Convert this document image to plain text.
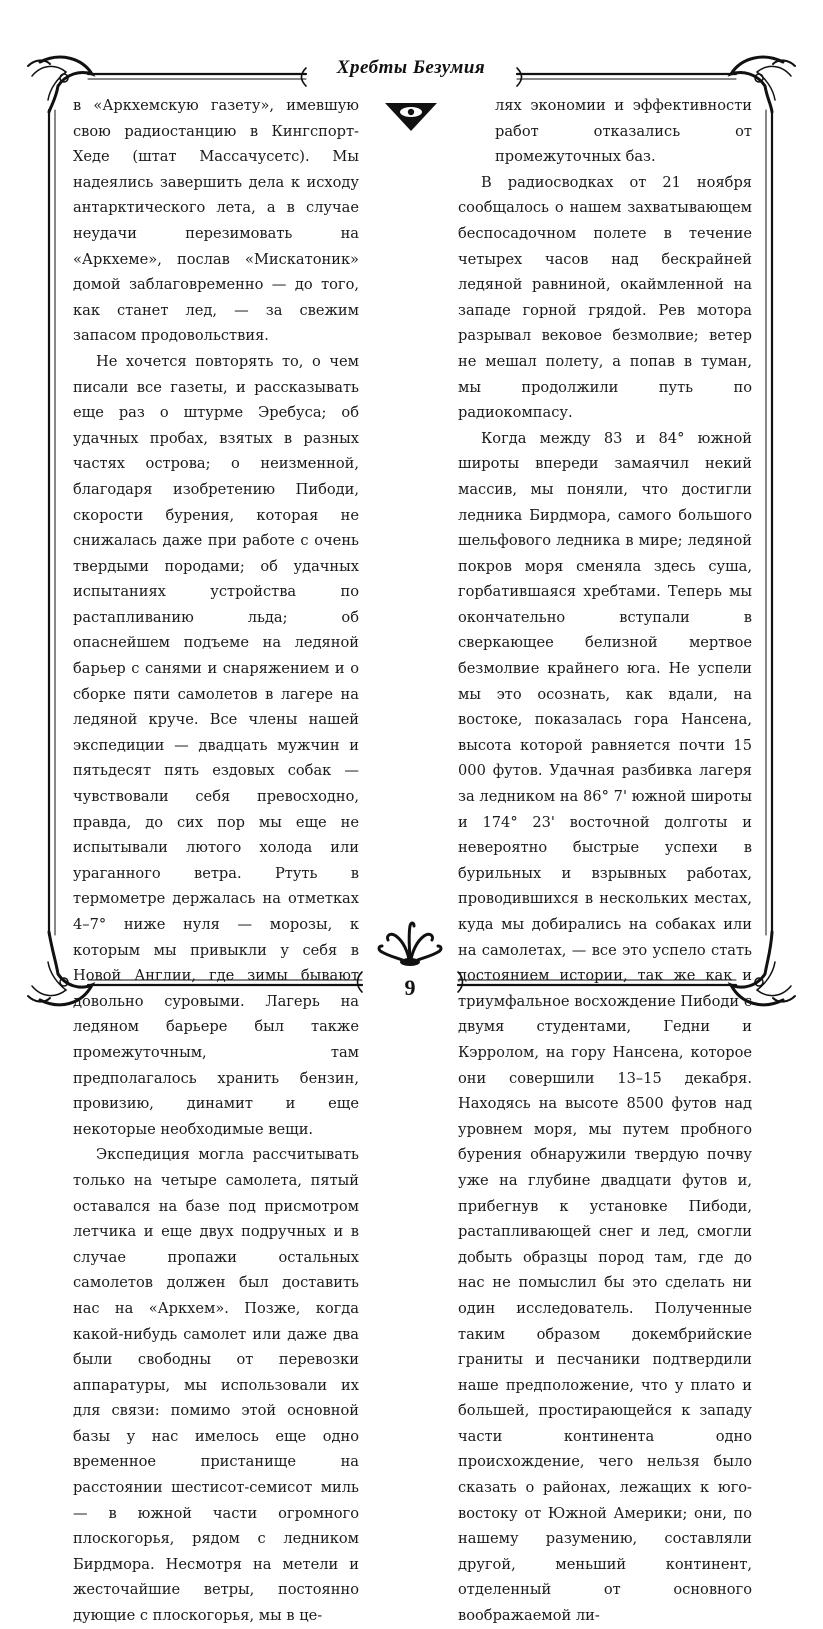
Хребты Безумия

в «Аркхемскую газету», имевшую свою радиостанцию в Кингспорт-Хеде (штат Массачусетс). Мы надеялись завершить дела к исходу антарктического лета, а в случае неудачи перезимовать на «Аркхеме», послав «Мискатоник» домой заблаговременно — до того, как станет лед, — за свежим запасом продовольствия.

Не хочется повторять то, о чем писали все газеты, и рассказывать еще раз о штурме Эребуса; об удачных пробах, взятых в разных частях острова; о неизменной, благодаря изобретению Пибоди, скорости бурения, которая не снижалась даже при работе с очень твердыми породами; об удачных испытаниях устройства по растапливанию льда; об опаснейшем подъеме на ледяной барьер с санями и снаряжением и о сборке пяти самолетов в лагере на ледяной круче. Все члены нашей экспедиции — двадцать мужчин и пятьдесят пять ездовых собак — чувствовали себя превосходно, правда, до сих пор мы еще не испытывали лютого холода или ураганного ветра. Ртуть в термометре держалась на отметках 4–7° ниже нуля — морозы, к которым мы привыкли у себя в Новой Англии, где зимы бывают довольно суровыми. Лагерь на ледяном барьере был также промежуточным, там предполагалось хранить бензин, провизию, динамит и еще некоторые необходимые вещи.

Экспедиция могла рассчитывать только на четыре самолета, пятый оставался на базе под присмотром летчика и еще двух подручных и в случае пропажи остальных самолетов должен был доставить нас на «Аркхем». Позже, когда какой-нибудь самолет или даже два были свободны от перевозки аппаратуры, мы использовали их для связи: помимо этой основной базы у нас имелось еще одно временное пристанище на расстоянии шестисот-семисот миль — в южной части огромного плоскогорья, рядом с ледником Бирдмора. Несмотря на метели и жесточайшие ветры, постоянно дующие с плоскогорья, мы в це-

лях экономии и эффективности работ отказались от промежуточных баз.

В радиосводках от 21 ноября сообщалось о нашем захватывающем беспосадочном полете в течение четырех часов над бескрайней ледяной равниной, окаймленной на западе горной грядой. Рев мотора разрывал вековое безмолвие; ветер не мешал полету, а попав в туман, мы продолжили путь по радиокомпасу.

Когда между 83 и 84° южной широты впереди замаячил некий массив, мы поняли, что достигли ледника Бирдмора, самого большого шельфового ледника в мире; ледяной покров моря сменяла здесь суша, горбатившаяся хребтами. Теперь мы окончательно вступали в сверкающее белизной мертвое безмолвие крайнего юга. Не успели мы это осознать, как вдали, на востоке, показалась гора Нансена, высота которой равняется почти 15 000 футов. Удачная разбивка лагеря за ледником на 86° 7' южной широты и 174° 23' восточной долготы и невероятно быстрые успехи в бурильных и взрывных работах, проводившихся в нескольких местах, куда мы добирались на собаках или на самолетах, — все это успело стать достоянием истории, так же как и триумфальное восхождение Пибоди с двумя студентами, Гедни и Кэрролом, на гору Нансена, которое они совершили 13–15 декабря. Находясь на высоте 8500 футов над уровнем моря, мы путем пробного бурения обнаружили твердую почву уже на глубине двадцати футов и, прибегнув к установке Пибоди, растапливающей снег и лед, смогли добыть образцы пород там, где до нас не помыслил бы это сделать ни один исследователь. Полученные таким образом докембрийские граниты и песчаники подтвердили наше предположение, что у плато и большей, простирающейся к западу части континента одно происхождение, чего нельзя было сказать о районах, лежащих к юго-востоку от Южной Америки; они, по нашему разумению, составляли другой, меньший континент, отделенный от основного воображаемой ли-

9
